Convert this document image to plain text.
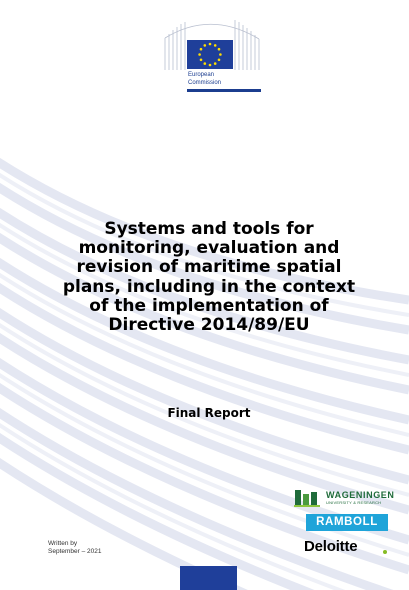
European
Commission
Systems and tools for
monitoring, evaluation and
revision of maritime spatial
plans, including in the context
of the implementation of
Directive 2014/89/EU
Final Report
Written by
September – 2021
WAGENINGEN
UNIVERSITY & RESEARCH
RAMBOLL
Deloitte
